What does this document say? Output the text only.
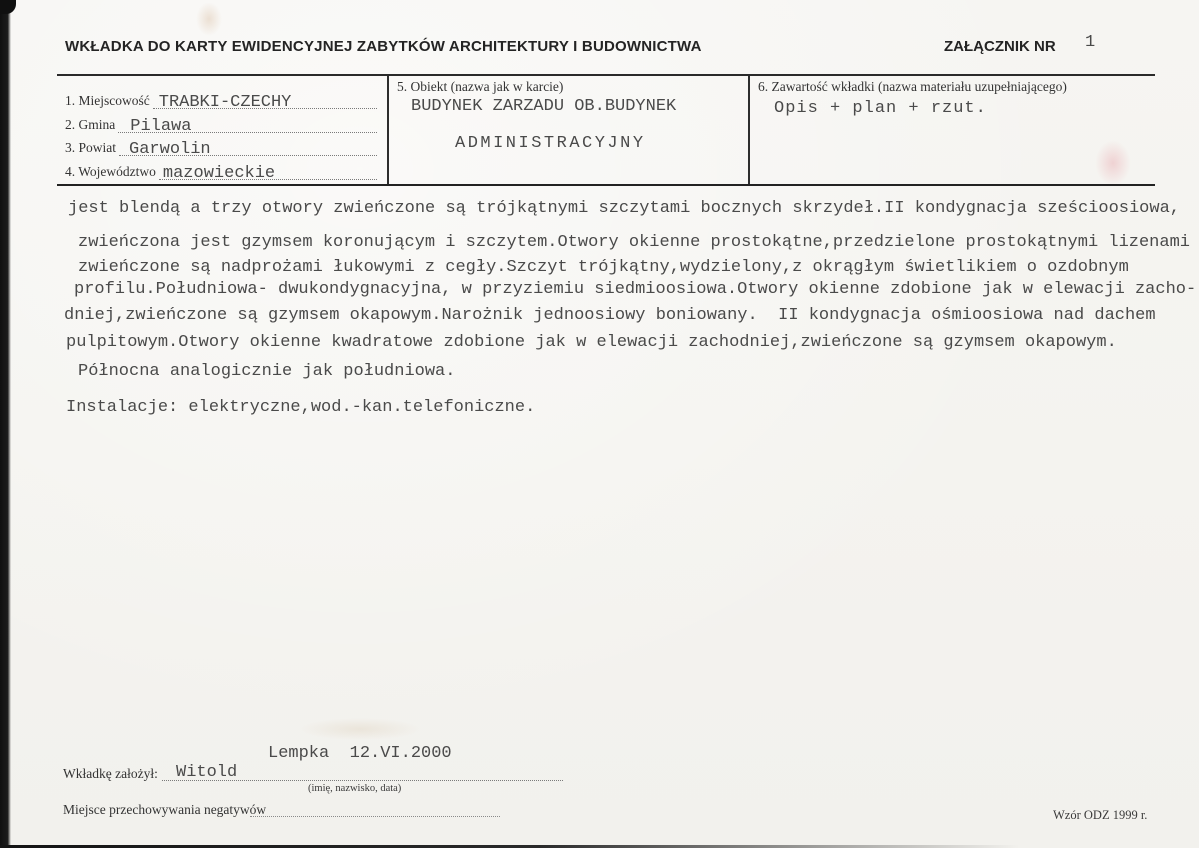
WKŁADKA DO KARTY EWIDENCYJNEJ ZABYTKÓW ARCHITEKTURY I BUDOWNICTWA	ZAŁĄCZNIK NR 1
1. Miejscowość TRABKI-CZECHY
2. Gmina Pilawa
3. Powiat Garwolin
4. Województwo mazowieckie
5. Obiekt (nazwa jak w karcie)
BUDYNEK ZARZADU OB.BUDYNEK
ADMINISTRACYJNY
6. Zawartość wkładki (nazwa materiału uzupełniającego)
Opis + plan + rzut.
jest blendą a trzy otwory zwieńczone są trójkątnymi szczytami bocznych skrzydeł.II kondygnacja sześcioosiowa,
zwieńczona jest gzymsem koronującym i szczytem.Otwory okienne prostokątne,przedzielone prostokątnymi lizenami
zwieńczone są nadprożami łukowymi z cegły.Szczyt trójkątny,wydzielony,z okrągłym świetlikiem o ozdobnym
profilu.Południowa- dwukondygnacyjna, w przyziemiu siedmioosiowa.Otwory okienne zdobione jak w elewacji zacho-
dniej,zwieńczone są gzymsem okapowym.Narożnik jednoosiowy boniowany.  II kondygnacja ośmioosiowa nad dachem
pulpitowym.Otwory okienne kwadratowe zdobione jak w elewacji zachodniej,zwieńczone są gzymsem okapowym.
Północna analogicznie jak południowa.
Instalacje: elektryczne,wod.-kan.telefoniczne.
Lempka  12.VI.2000
Wkładkę założył: Witold
(imię, nazwisko, data)
Miejsce przechowywania negatywów	Wzór ODZ 1999 r.
